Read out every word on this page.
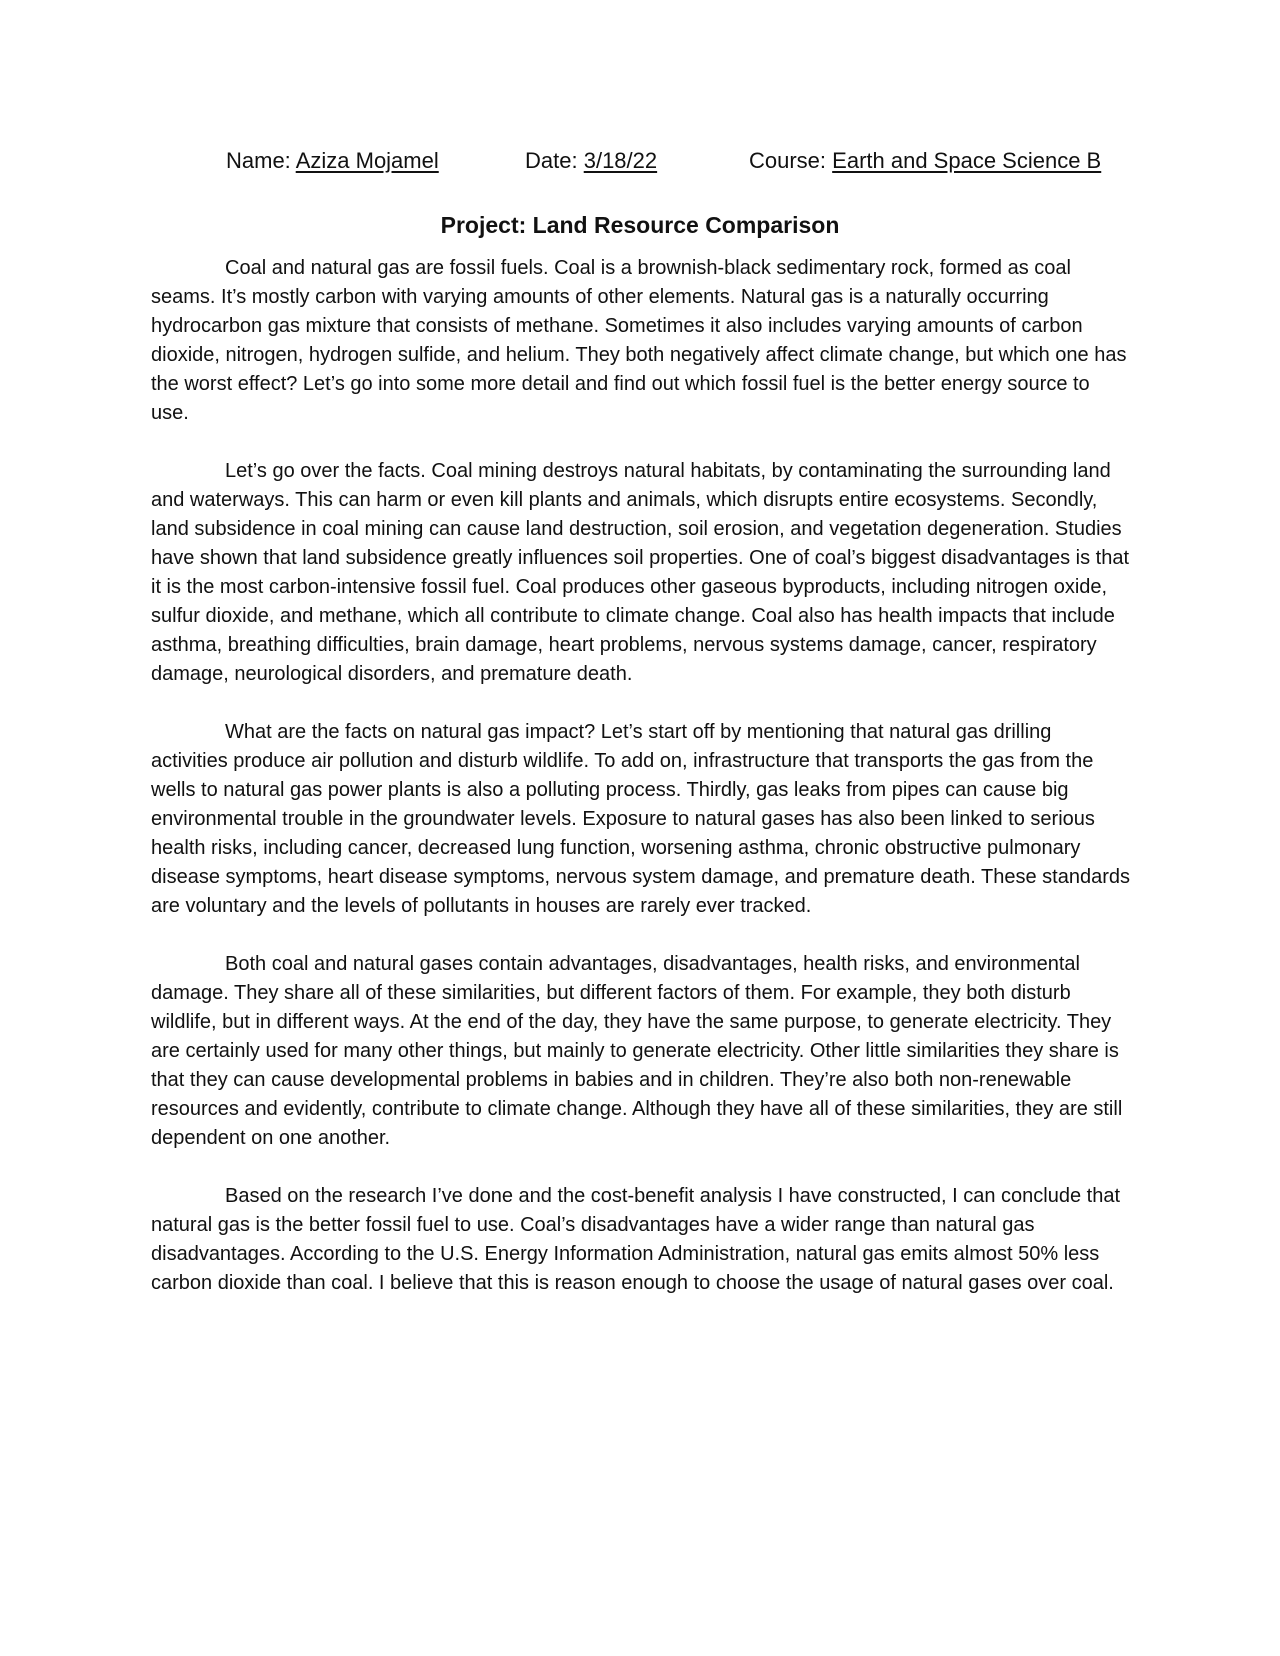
Name: Aziza Mojamel	Date: 3/18/22	Course: Earth and Space Science B
Project: Land Resource Comparison

Coal and natural gas are fossil fuels. Coal is a brownish-black sedimentary rock, formed as coal seams. It’s mostly carbon with varying amounts of other elements. Natural gas is a naturally occurring hydrocarbon gas mixture that consists of methane. Sometimes it also includes varying amounts of carbon dioxide, nitrogen, hydrogen sulfide, and helium. They both negatively affect climate change, but which one has the worst effect? Let’s go into some more detail and find out which fossil fuel is the better energy source to use.

Let’s go over the facts. Coal mining destroys natural habitats, by contaminating the surrounding land and waterways. This can harm or even kill plants and animals, which disrupts entire ecosystems. Secondly, land subsidence in coal mining can cause land destruction, soil erosion, and vegetation degeneration. Studies have shown that land subsidence greatly influences soil properties. One of coal’s biggest disadvantages is that it is the most carbon-intensive fossil fuel. Coal produces other gaseous byproducts, including nitrogen oxide, sulfur dioxide, and methane, which all contribute to climate change. Coal also has health impacts that include asthma, breathing difficulties, brain damage, heart problems, nervous systems damage, cancer, respiratory damage, neurological disorders, and premature death.

What are the facts on natural gas impact? Let’s start off by mentioning that natural gas drilling activities produce air pollution and disturb wildlife. To add on, infrastructure that transports the gas from the wells to natural gas power plants is also a polluting process. Thirdly, gas leaks from pipes can cause big environmental trouble in the groundwater levels. Exposure to natural gases has also been linked to serious health risks, including cancer, decreased lung function, worsening asthma, chronic obstructive pulmonary disease symptoms, heart disease symptoms, nervous system damage, and premature death. These standards are voluntary and the levels of pollutants in houses are rarely ever tracked.

Both coal and natural gases contain advantages, disadvantages, health risks, and environmental damage. They share all of these similarities, but different factors of them. For example, they both disturb wildlife, but in different ways. At the end of the day, they have the same purpose, to generate electricity. They are certainly used for many other things, but mainly to generate electricity. Other little similarities they share is that they can cause developmental problems in babies and in children. They’re also both non-renewable resources and evidently, contribute to climate change. Although they have all of these similarities, they are still dependent on one another.

Based on the research I’ve done and the cost-benefit analysis I have constructed, I can conclude that natural gas is the better fossil fuel to use. Coal’s disadvantages have a wider range than natural gas disadvantages. According to the U.S. Energy Information Administration, natural gas emits almost 50% less carbon dioxide than coal. I believe that this is reason enough to choose the usage of natural gases over coal.
